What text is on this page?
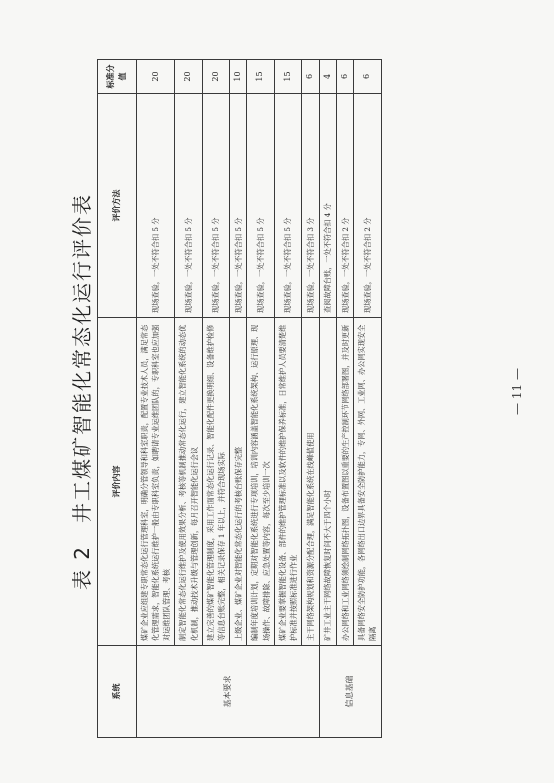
表 2　井工煤矿智能化常态化运行评价表
系统	评价内容	评价方法	标准分值
基本要求	煤矿企业应组建专职常态化运行管理科室，明确分管领导和科室职责，配置专业技术人员，满足常态化管理需求，智能化系统运行维护一般由专职科室负责，如聘请专业运维团队的，专职科室也应加强对运维团队管理、考核	现场查验，一处不符合扣 5 分	20
	制定智能化常态化运行维护及使用效果分析、考核等机制推动常态化运行，建立智能化系统的动态优化机制，推动技术升级与管理创新，每月召开智能化运行会议	现场查验，一处不符合扣 5 分	20
	建立完善的煤矿智能化管理制度，采用工作面常态化运行记录、智能化配件更换明细、设备维护检修等信息台账完整，相关记录保存 1 年以上，并符合现场实际	现场查验，一处不符合扣 5 分	20
	上级企业、煤矿企业对智能化常态化运行的考核台账保存完整	现场查验，一处不符合扣 5 分	10
	编制年度培训计划，定期对智能化系统进行专项培训，培训内容涵盖智能化系统架构、运行原理、现场操作、故障排除、应急处置等内容，每次至少培训一次	现场查验，一处不符合扣 5 分	15
	煤矿企业要掌握智能化设备、部件的维护管理标准以及软件的维护保养标准，日常维护人员要清楚维护标准并按照标准进行作业	现场查验，一处不符合扣 5 分	15
	主干网络架构规划和资源分配合理，满足智能化系统在线峰值使用	现场查验，一处不符合扣 3 分	6
信息基础	矿井工业主干网络故障恢复时间不大于四个小时	查阅故障台账，一处不符合扣 4 分	4
	办公网络和工业网络须绘制网络拓扑图，设备布置图以重要的生产控制环节网络部署图，并及时更新	现场查验，一处不符合扣 2 分	6
	具备网络安全防护功能，各网络出口边界具备安全防护能力，专网、外网、工业网、办公网实现安全隔离	现场查验，一处不符合扣 2 分	6
— 11 —
